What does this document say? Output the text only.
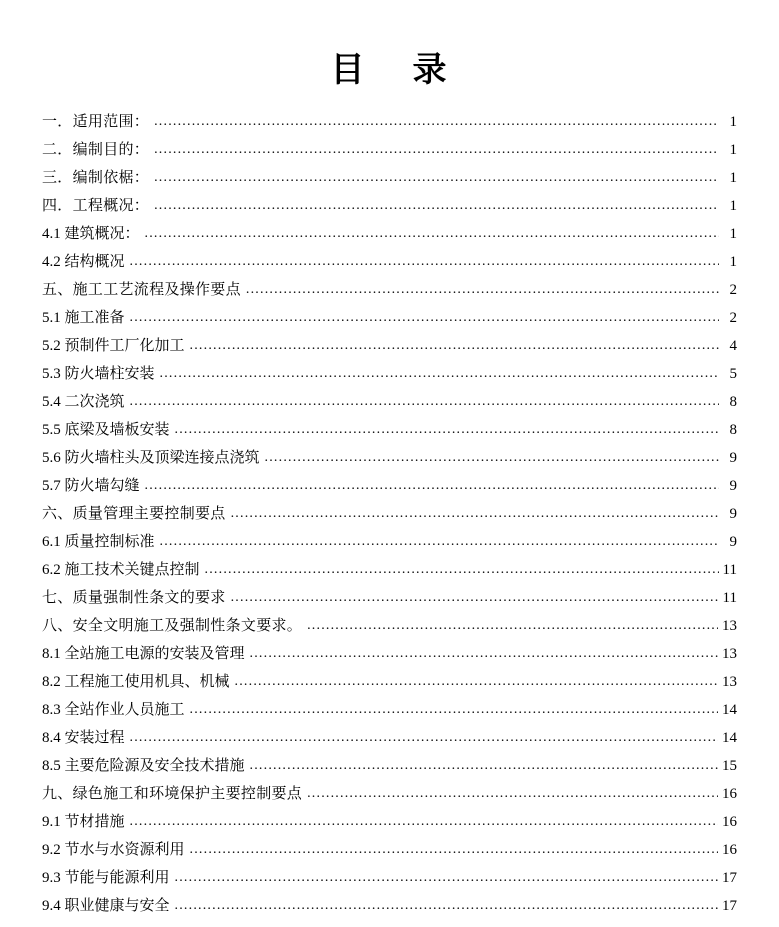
目 录
一．适用范围： .....	1
二．编制目的： .....	1
三．编制依椐： .....	1
四．工程概况： .....	1
4.1 建筑概况： .....	1
4.2 结构概况 .....	1
五、施工工艺流程及操作要点 .....	2
5.1 施工准备 .....	2
5.2 预制件工厂化加工 .....	4
5.3 防火墙柱安装 .....	5
5.4 二次浇筑 .....	8
5.5 底梁及墙板安装 .....	8
5.6 防火墙柱头及顶梁连接点浇筑 .....	9
5.7 防火墙勾缝 .....	9
六、质量管理主要控制要点 .....	9
6.1 质量控制标准 .....	9
6.2 施工技术关键点控制 .....	11
七、质量强制性条文的要求 .....	11
八、安全文明施工及强制性条文要求。 .....	13
8.1 全站施工电源的安装及管理 .....	13
8.2 工程施工使用机具、机械 .....	13
8.3 全站作业人员施工 .....	14
8.4 安装过程 .....	14
8.5 主要危险源及安全技术措施 .....	15
九、绿色施工和环境保护主要控制要点 .....	16
9.1 节材措施 .....	16
9.2 节水与水资源利用 .....	16
9.3 节能与能源利用 .....	17
9.4 职业健康与安全 .....	17
